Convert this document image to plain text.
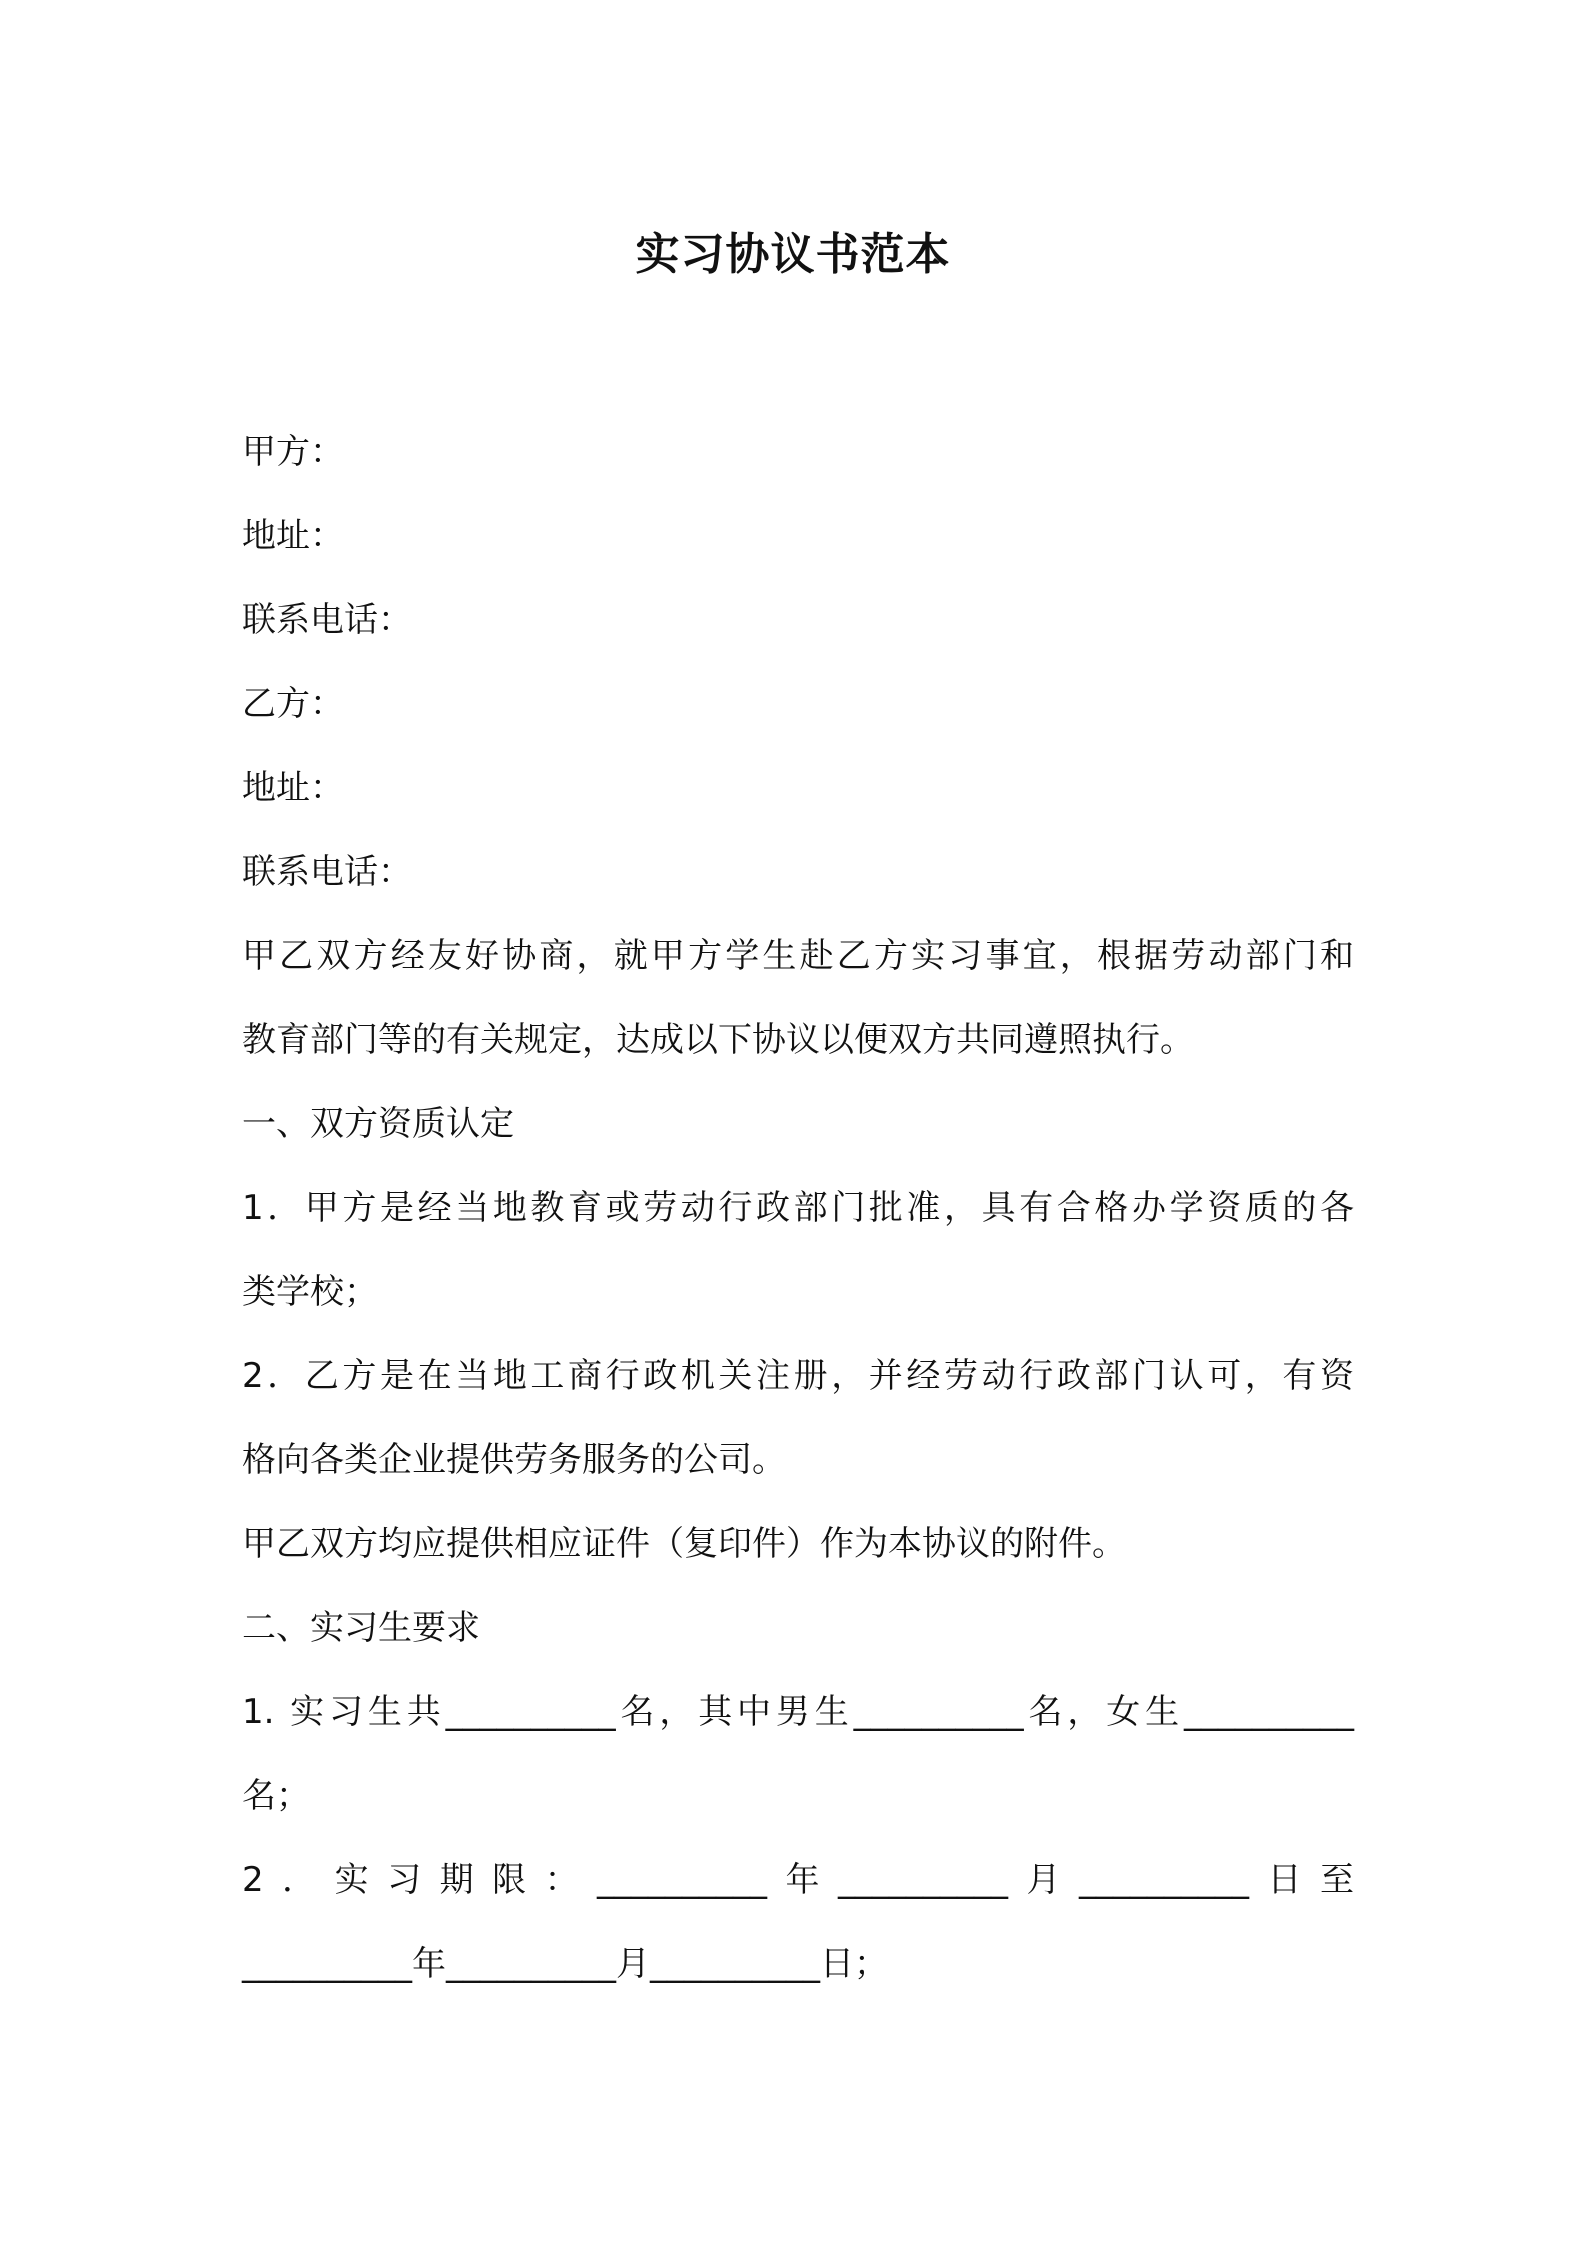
实习协议书范本

甲方：

地址：

联系电话：

乙方：

地址：

联系电话：

甲乙双方经友好协商，就甲方学生赴乙方实习事宜，根据劳动部门和

教育部门等的有关规定，达成以下协议以便双方共同遵照执行。

一、双方资质认定

1．甲方是经当地教育或劳动行政部门批准，具有合格办学资质的各

类学校；

2．乙方是在当地工商行政机关注册，并经劳动行政部门认可，有资

格向各类企业提供劳务服务的公司。

甲乙双方均应提供相应证件（复印件）作为本协议的附件。

二、实习生要求

1. 实习生共__________名，其中男生__________名，女生__________

名；

2．实习期限：__________年__________月__________日至

__________年__________月__________日；
